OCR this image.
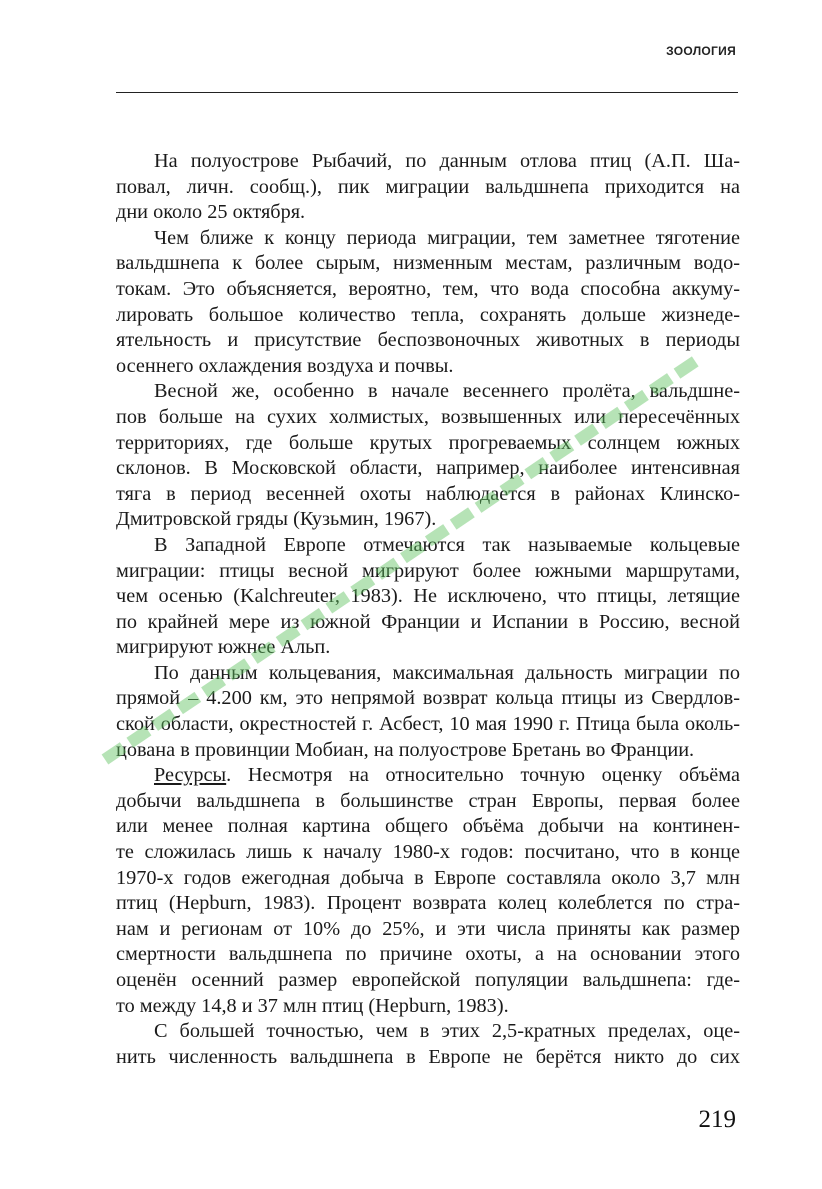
ЗООЛОГИЯ
На полуострове Рыбачий, по данным отлова птиц (А.П. Ша-
повал, личн. сообщ.), пик миграции вальдшнепа приходится на
дни около 25 октября.
Чем ближе к концу периода миграции, тем заметнее тяготение
вальдшнепа к более сырым, низменным местам, различным водо-
токам. Это объясняется, вероятно, тем, что вода способна аккуму-
лировать большое количество тепла, сохранять дольше жизнеде-
ятельность и присутствие беспозвоночных животных в периоды
осеннего охлаждения воздуха и почвы.
Весной же, особенно в начале весеннего пролёта, вальдшне-
пов больше на сухих холмистых, возвышенных или пересечённых
территориях, где больше крутых прогреваемых солнцем южных
склонов. В Московской области, например, наиболее интенсивная
тяга в период весенней охоты наблюдается в районах Клинско-
Дмитровской гряды (Кузьмин, 1967).
В Западной Европе отмечаются так называемые кольцевые
миграции: птицы весной мигрируют более южными маршрутами,
чем осенью (Kalchreuter, 1983). Не исключено, что птицы, летящие
по крайней мере из южной Франции и Испании в Россию, весной
мигрируют южнее Альп.
По данным кольцевания, максимальная дальность миграции по
прямой – 4.200 км, это непрямой возврат кольца птицы из Свердлов-
ской области, окрестностей г. Асбест, 10 мая 1990 г. Птица была околь-
цована в провинции Мобиан, на полуострове Бретань во Франции.
Ресурсы. Несмотря на относительно точную оценку объёма
добычи вальдшнепа в большинстве стран Европы, первая более
или менее полная картина общего объёма добычи на континен-
те сложилась лишь к началу 1980-х годов: посчитано, что в конце
1970-х годов ежегодная добыча в Европе составляла около 3,7 млн
птиц (Hepburn, 1983). Процент возврата колец колеблется по стра-
нам и регионам от 10% до 25%, и эти числа приняты как размер
смертности вальдшнепа по причине охоты, а на основании этого
оценён осенний размер европейской популяции вальдшнепа: где-
то между 14,8 и 37 млн птиц (Hepburn, 1983).
С большей точностью, чем в этих 2,5-кратных пределах, оце-
нить численность вальдшнепа в Европе не берётся никто до сих
219
